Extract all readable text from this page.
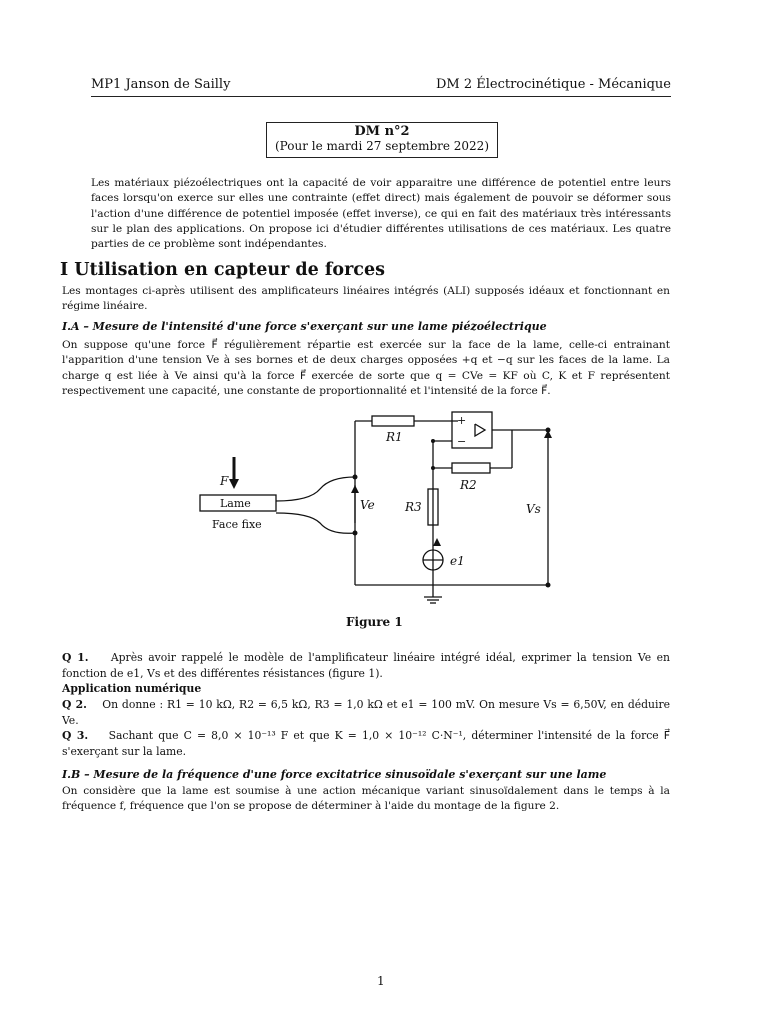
MP1 Janson de Sailly	DM 2 Électrocinétique - Mécanique
DM n°2
(Pour le mardi 27 septembre 2022)
Les matériaux piézoélectriques ont la capacité de voir apparaitre une différence de potentiel entre leurs faces lorsqu'on exerce sur elles une contrainte (effet direct) mais également de pouvoir se déformer sous l'action d'une différence de potentiel imposée (effet inverse), ce qui en fait des matériaux très intéressants sur le plan des applications. On propose ici d'étudier différentes utilisations de ces matériaux. Les quatre parties de ce problème sont indépendantes.
I Utilisation en capteur de forces
Les montages ci-après utilisent des amplificateurs linéaires intégrés (ALI) supposés idéaux et fonctionnant en régime linéaire.
I.A – Mesure de l'intensité d'une force s'exerçant sur une lame piézoélectrique
On suppose qu'une force F⃗ régulièrement répartie est exercée sur la face de la lame, celle-ci entrainant l'apparition d'une tension Ve à ses bornes et de deux charges opposées +q et −q sur les faces de la lame. La charge q est liée à Ve ainsi qu'à la force F⃗ exercée de sorte que q = CVe = KF où C, K et F représentent respectivement une capacité, une constante de proportionnalité et l'intensité de la force F⃗.
R1
R2
R3
e1
Ve	Vs
F
Lame
Face fixe
+
−
Figure 1
Q 1. Après avoir rappelé le modèle de l'amplificateur linéaire intégré idéal, exprimer la tension Ve en fonction de e1, Vs et des différentes résistances (figure 1).
Application numérique
Q 2. On donne : R1 = 10 kΩ, R2 = 6,5 kΩ, R3 = 1,0 kΩ et e1 = 100 mV. On mesure Vs = 6,50V, en déduire Ve.
Q 3. Sachant que C = 8,0 × 10⁻¹³ F et que K = 1,0 × 10⁻¹² C·N⁻¹, déterminer l'intensité de la force F⃗ s'exerçant sur la lame.
I.B – Mesure de la fréquence d'une force excitatrice sinusoïdale s'exerçant sur une lame
On considère que la lame est soumise à une action mécanique variant sinusoïdalement dans le temps à la fréquence f, fréquence que l'on se propose de déterminer à l'aide du montage de la figure 2.
1
